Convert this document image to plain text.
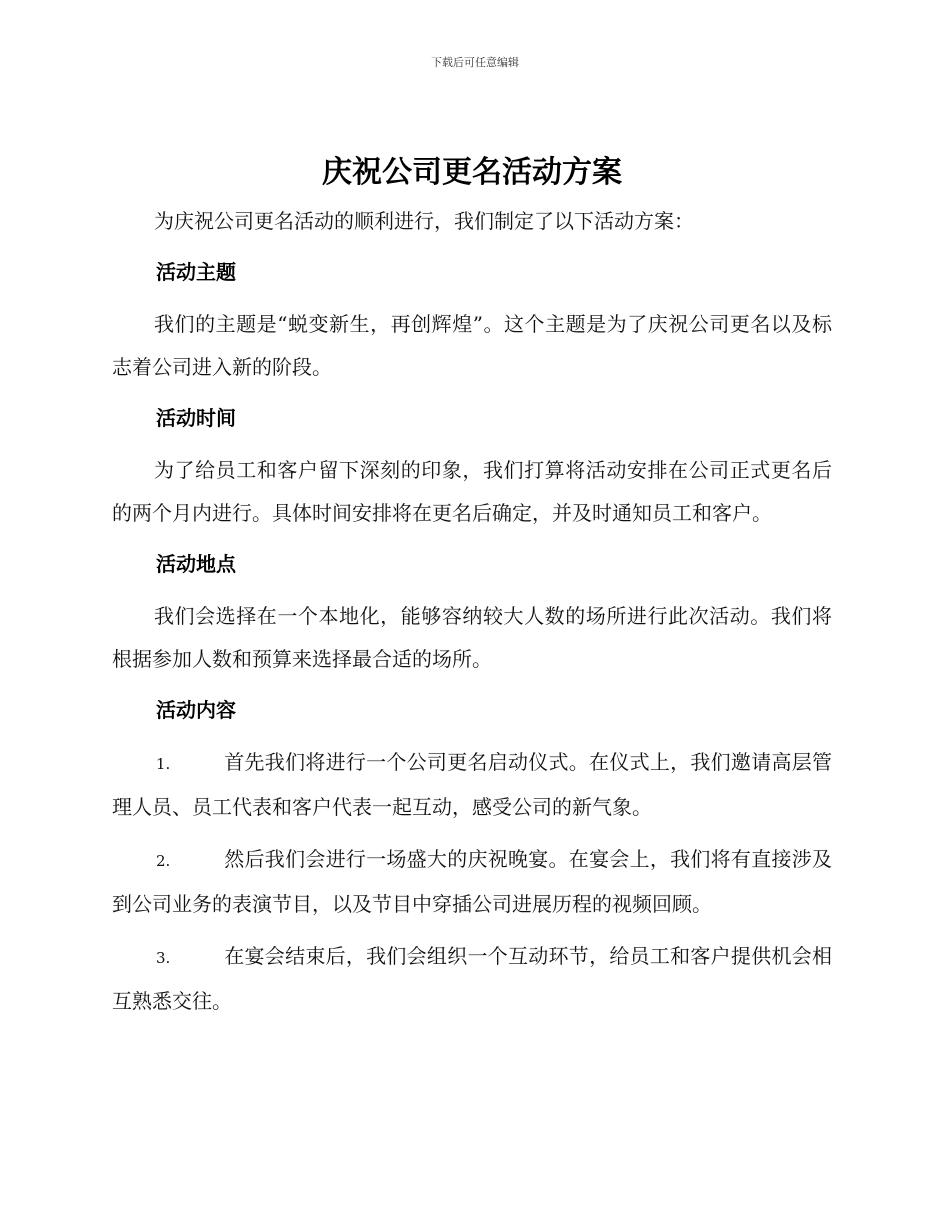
下载后可任意编辑
庆祝公司更名活动方案

为庆祝公司更名活动的顺利进行，我们制定了以下活动方案：

活动主题

我们的主题是“蜕变新生，再创辉煌”。这个主题是为了庆祝公司更名以及标志着公司进入新的阶段。

活动时间

为了给员工和客户留下深刻的印象，我们打算将活动安排在公司正式更名后的两个月内进行。具体时间安排将在更名后确定，并及时通知员工和客户。

活动地点

我们会选择在一个本地化，能够容纳较大人数的场所进行此次活动。我们将根据参加人数和预算来选择最合适的场所。

活动内容

1.	首先我们将进行一个公司更名启动仪式。在仪式上，我们邀请高层管理人员、员工代表和客户代表一起互动，感受公司的新气象。

2.	然后我们会进行一场盛大的庆祝晚宴。在宴会上，我们将有直接涉及到公司业务的表演节目，以及节目中穿插公司进展历程的视频回顾。

3.	在宴会结束后，我们会组织一个互动环节，给员工和客户提供机会相互熟悉交往。
